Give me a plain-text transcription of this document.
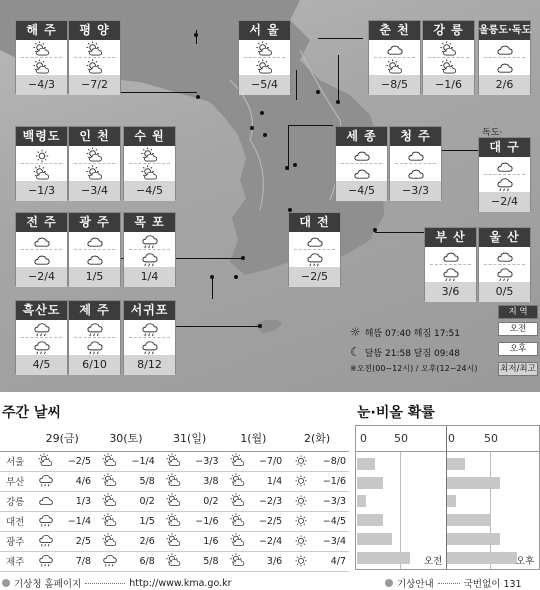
해 주
−4/3
평 양
−7/2
서 울
−5/4
춘 천
−8/5
강 릉
−1/6
울릉도·독도
2/6
백령도
−1/3
인 천
−3/4
수 원
−4/5
세 종
−4/5
청 주
−3/3
대 구
−2/4
전 주
−2/4
광 주
1/5
목 포
1/4
대 전
−2/5
부 산
3/6
울 산
0/5
흑산도
4/5
제 주
6/10
서귀포
8/12
독도·
☼ 해뜸 07:40 해짐 17:51
☾ 달뜸 21:58 달짐 09:48
※오전(00~12시) / 오후(12~24시)
지 역
오전
오후
최저/최고
주간 날씨
	29(금)	30(토)	31(일)	1(월)	2(화)
서울	−2/5	−1/4	−3/3	−7/0	−8/0

부산	4/6	5/8	3/8	1/4	−1/6

강릉	1/3	0/2	0/2	−2/3	−3/3

대전	−1/4	1/5	−1/6	−2/5	−4/5

광주	2/5	2/6	1/6	−2/4	−3/4

제주	7/8	6/8	5/8	3/6	4/7
눈·비올 확률
0 50	0	50
오전	오후
기상청 홈페이지	http://www.kma.go.kr	기상안내	국번없이 131
